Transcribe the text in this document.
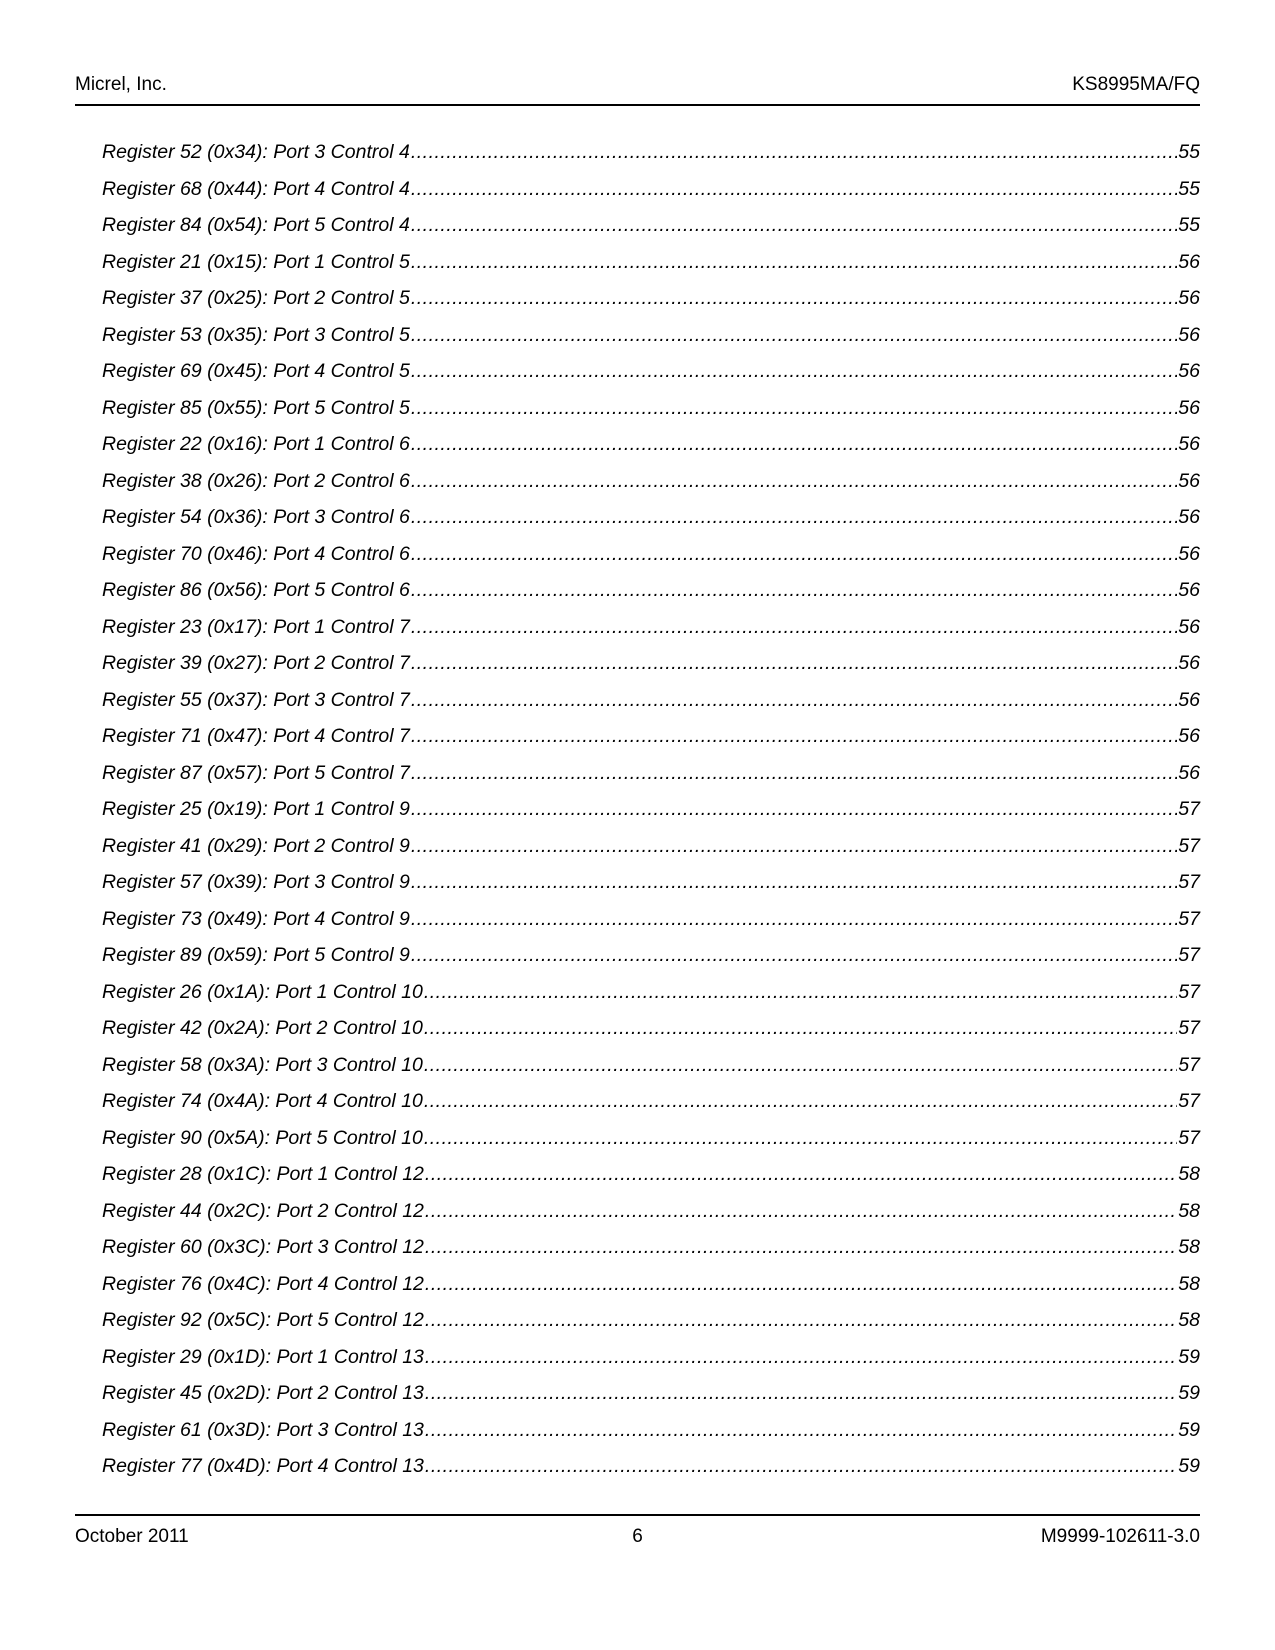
Micrel, Inc.	KS8995MA/FQ
Register 52 (0x34): Port 3 Control 4 .....	55
Register 68 (0x44): Port 4 Control 4 .....	55
Register 84 (0x54): Port 5 Control 4 .....	55
Register 21 (0x15): Port 1 Control 5 .....	56
Register 37 (0x25): Port 2 Control 5 .....	56
Register 53 (0x35): Port 3 Control 5 .....	56
Register 69 (0x45): Port 4 Control 5 .....	56
Register 85 (0x55): Port 5 Control 5 .....	56
Register 22 (0x16): Port 1 Control 6 .....	56
Register 38 (0x26): Port 2 Control 6 .....	56
Register 54 (0x36): Port 3 Control 6 .....	56
Register 70 (0x46): Port 4 Control 6 .....	56
Register 86 (0x56): Port 5 Control 6 .....	56
Register 23 (0x17): Port 1 Control 7 .....	56
Register 39 (0x27): Port 2 Control 7 .....	56
Register 55 (0x37): Port 3 Control 7 .....	56
Register 71 (0x47): Port 4 Control 7 .....	56
Register 87 (0x57): Port 5 Control 7 .....	56
Register 25 (0x19): Port 1 Control 9 .....	57
Register 41 (0x29): Port 2 Control 9 .....	57
Register 57 (0x39): Port 3 Control 9 .....	57
Register 73 (0x49): Port 4 Control 9 .....	57
Register 89 (0x59): Port 5 Control 9 .....	57
Register 26 (0x1A): Port 1 Control 10 .....	57
Register 42 (0x2A): Port 2 Control 10 .....	57
Register 58 (0x3A): Port 3 Control 10 .....	57
Register 74 (0x4A): Port 4 Control 10 .....	57
Register 90 (0x5A): Port 5 Control 10 .....	57
Register 28 (0x1C): Port 1 Control 12 .....	58
Register 44 (0x2C): Port 2 Control 12 .....	58
Register 60 (0x3C): Port 3 Control 12 .....	58
Register 76 (0x4C): Port 4 Control 12 .....	58
Register 92 (0x5C): Port 5 Control 12 .....	58
Register 29 (0x1D): Port 1 Control 13 .....	59
Register 45 (0x2D): Port 2 Control 13 .....	59
Register 61 (0x3D): Port 3 Control 13 .....	59
Register 77 (0x4D): Port 4 Control 13 .....	59
October 2011	6	M9999-102611-3.0
